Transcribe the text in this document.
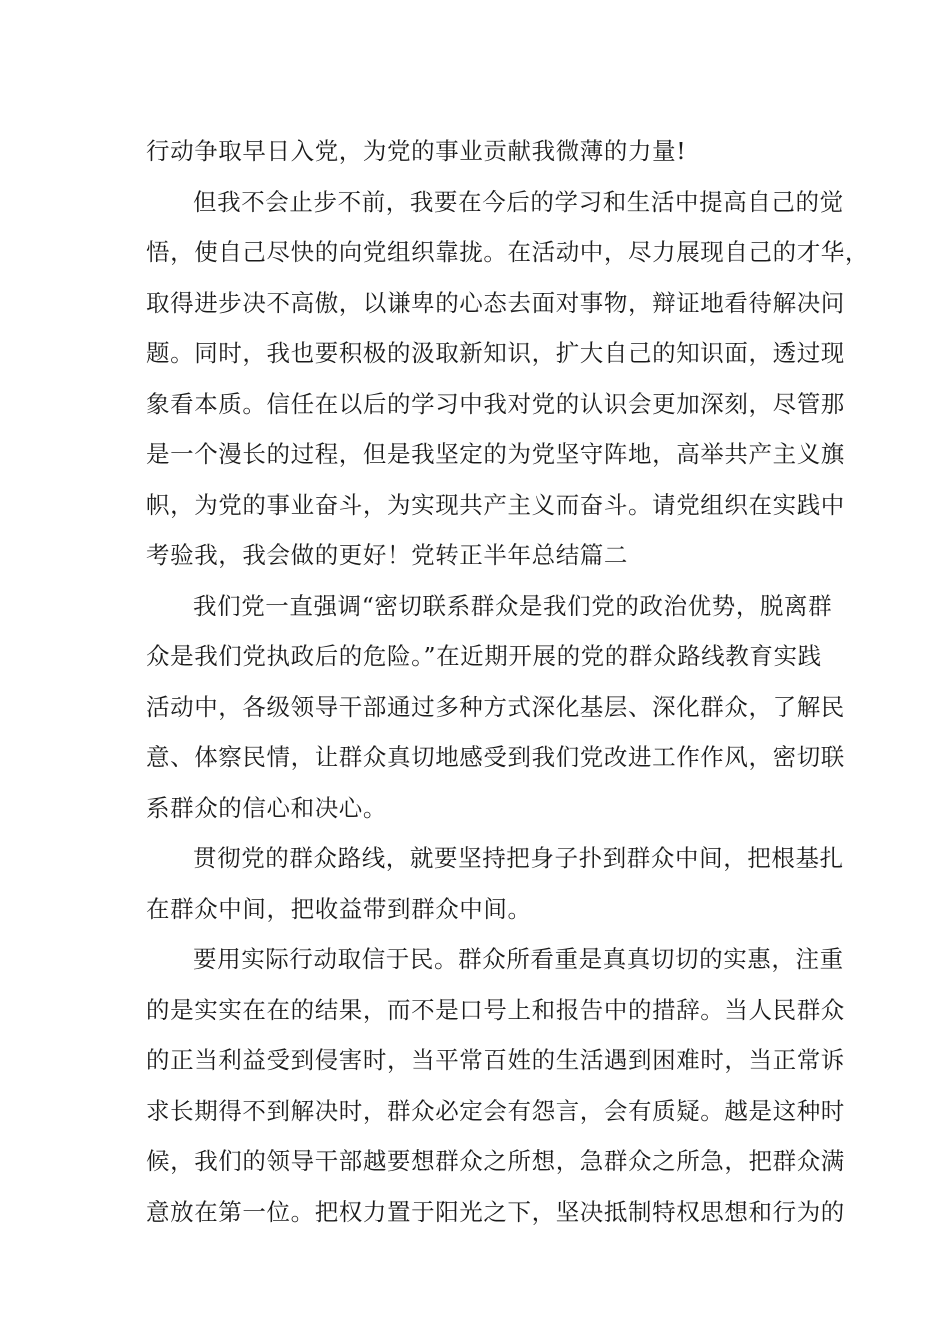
行动争取早日入党，为党的事业贡献我微薄的力量!
但我不会止步不前，我要在今后的学习和生活中提高自己的觉
悟，使自己尽快的向党组织靠拢。在活动中，尽力展现自己的才华，
取得进步决不高傲，以谦卑的心态去面对事物，辩证地看待解决问
题。同时，我也要积极的汲取新知识，扩大自己的知识面，透过现
象看本质。信任在以后的学习中我对党的认识会更加深刻，尽管那
是一个漫长的过程，但是我坚定的为党坚守阵地，高举共产主义旗
帜，为党的事业奋斗，为实现共产主义而奋斗。请党组织在实践中
考验我，我会做的更好！党转正半年总结篇二
我们党一直强调“密切联系群众是我们党的政治优势，脱离群
众是我们党执政后的危险。”在近期开展的党的群众路线教育实践
活动中，各级领导干部通过多种方式深化基层、深化群众，了解民
意、体察民情，让群众真切地感受到我们党改进工作作风，密切联
系群众的信心和决心。
贯彻党的群众路线，就要坚持把身子扑到群众中间，把根基扎
在群众中间，把收益带到群众中间。
要用实际行动取信于民。群众所看重是真真切切的实惠，注重
的是实实在在的结果，而不是口号上和报告中的措辞。当人民群众
的正当利益受到侵害时，当平常百姓的生活遇到困难时，当正常诉
求长期得不到解决时，群众必定会有怨言，会有质疑。越是这种时
候，我们的领导干部越要想群众之所想，急群众之所急，把群众满
意放在第一位。把权力置于阳光之下，坚决抵制特权思想和行为的
